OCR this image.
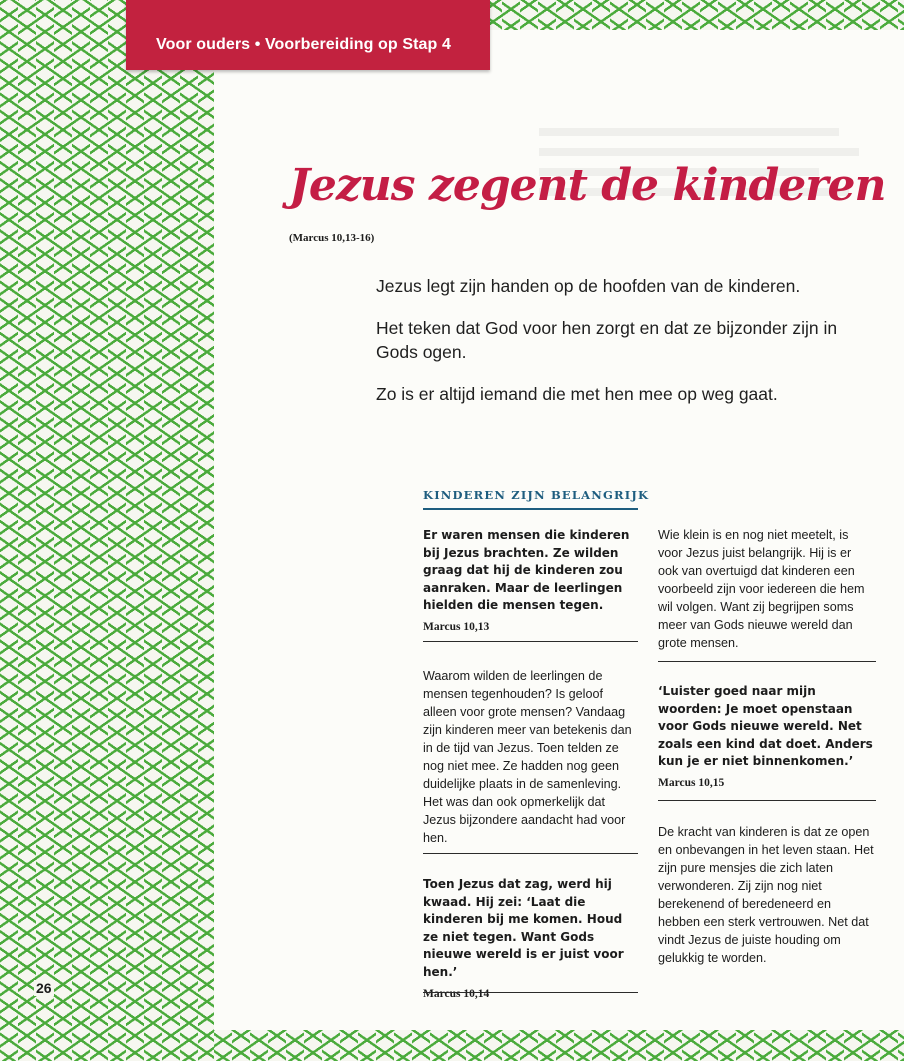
Voor ouders • Voorbereiding op Stap 4
Jezus zegent de kinderen
(Marcus 10,13-16)

Jezus legt zijn handen op de hoofden van de kinderen.

Het teken dat God voor hen zorgt en dat ze bijzonder zijn in Gods ogen.

Zo is er altijd iemand die met hen mee op weg gaat.

KINDEREN ZIJN BELANGRIJK
Er waren mensen die kinderen bij Jezus brachten. Ze wilden graag dat hij de kinderen zou aanraken. Maar de leerlingen hielden die mensen tegen.
Marcus 10,13
Waarom wilden de leerlingen de mensen tegenhouden? Is geloof alleen voor grote mensen? Vandaag zijn kinderen meer van betekenis dan in de tijd van Jezus. Toen telden ze nog niet mee. Ze hadden nog geen duidelijke plaats in de samenleving. Het was dan ook opmerkelijk dat Jezus bijzondere aandacht had voor hen.
Toen Jezus dat zag, werd hij kwaad. Hij zei: ‘Laat die kinderen bij me komen. Houd ze niet tegen. Want Gods nieuwe wereld is er juist voor hen.’
Marcus 10,14
Wie klein is en nog niet meetelt, is voor Jezus juist belangrijk. Hij is er ook van overtuigd dat kinderen een voorbeeld zijn voor iedereen die hem wil volgen. Want zij begrijpen soms meer van Gods nieuwe wereld dan grote mensen.
‘Luister goed naar mijn woorden: Je moet openstaan voor Gods nieuwe wereld. Net zoals een kind dat doet. Anders kun je er niet binnenkomen.’
Marcus 10,15
De kracht van kinderen is dat ze open en onbevangen in het leven staan. Het zijn pure mensjes die zich laten verwonderen. Zij zijn nog niet berekenend of beredeneerd en hebben een sterk vertrouwen. Net dat vindt Jezus de juiste houding om gelukkig te worden.
26
